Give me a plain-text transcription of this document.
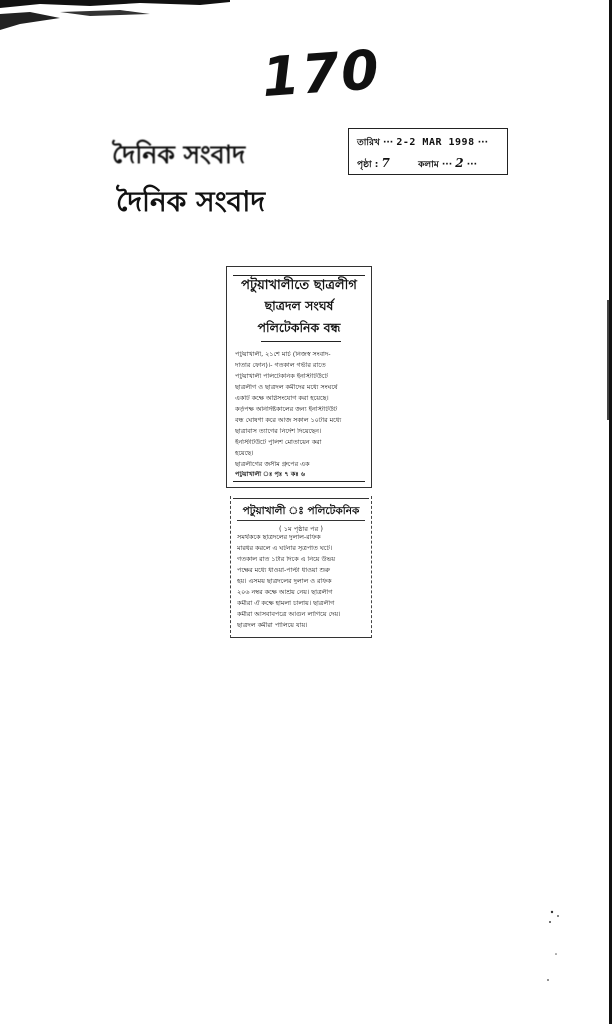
170
দৈনিক সংবাদ
দৈনিক সংবাদ
তারিখ ··· 2-2 MAR 1998 ···
পৃষ্ঠা : 7	কলাম ··· 2 ···
পটুয়াখালীতে ছাত্রলীগ
ছাত্রদল সংঘর্ষ
পলিটেকনিক বন্ধ
পটুয়াখালী, ২১শে মার্চ (নিজস্ব সংবাদ-
দাতার ফোন)।- গতকাল গভীর রাতে
পটুয়াখালী পলিটেকনিক ইনস্টিটিউটে
ছাত্রলীগ ও ছাত্রদল কর্মীদের মধ্যে সংঘর্ষে
একটি কক্ষে অগ্নিসংযোগ করা হয়েছে।
কর্তৃপক্ষ অনির্দিষ্টকালের জন্য ইনস্টিটিউট
বন্ধ ঘোষণা করে আজ সকাল ১০টার মধ্যে
ছাত্রাবাস ত্যাগের নির্দেশ দিয়েছেন।
ইনস্টিটিউটে পুলিশ মোতায়েন করা
হয়েছে।
ছাত্রলীগের জসীম গ্রুপের এক
পটুয়াখালী ঃ পৃঃ ৭ কঃ ৬
পটুয়াখালী ঃ পলিটেকনিক
( ১ম পৃষ্ঠার পর )
সমর্থককে ছাত্রদলের দুলাল-রফিক
মারধর করলে এ ঘটনার সূত্রপাত ঘটে।
গতকাল রাত ১টার দিকে এ নিয়ে উভয়
পক্ষের মধ্যে ধাওয়া-পাল্টা ধাওয়া শুরু
হয়। এসময় ছাত্রদলের দুলাল ও রফিক
২০৬ নম্বর কক্ষে আশ্রয় নেয়। ছাত্রলীগ
কর্মীরা ঐ কক্ষে হামলা চালায়। ছাত্রলীগ
কর্মীরা আসবাবপত্রে আগুন লাগিয়ে দেয়।
ছাত্রদল কর্মীরা পালিয়ে যায়।
